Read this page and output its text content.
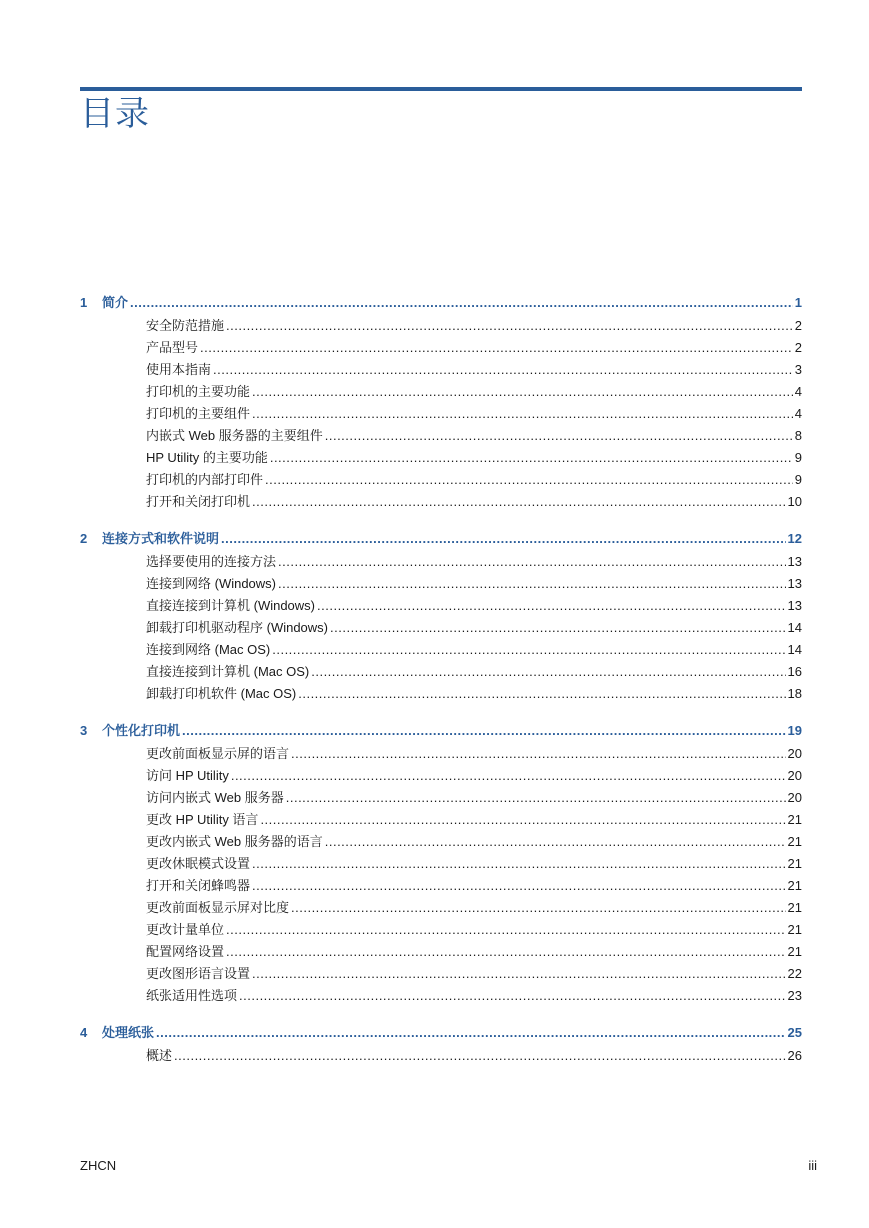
目录
1	简介 .....	1
安全防范措施 .....	2
产品型号 .....	2
使用本指南 .....	3
打印机的主要功能 .....	4
打印机的主要组件 .....	4
内嵌式 Web 服务器的主要组件 .....	8
HP Utility 的主要功能 .....	9
打印机的内部打印件 .....	9
打开和关闭打印机 .....	10
2	连接方式和软件说明 .....	12
选择要使用的连接方法 .....	13
连接到网络 (Windows) .....	13
直接连接到计算机 (Windows) .....	13
卸载打印机驱动程序 (Windows) .....	14
连接到网络 (Mac OS) .....	14
直接连接到计算机 (Mac OS) .....	16
卸载打印机软件 (Mac OS) .....	18
3	个性化打印机 .....	19
更改前面板显示屏的语言 .....	20
访问 HP Utility .....	20
访问内嵌式 Web 服务器 .....	20
更改 HP Utility 语言 .....	21
更改内嵌式 Web 服务器的语言 .....	21
更改休眠模式设置 .....	21
打开和关闭蜂鸣器 .....	21
更改前面板显示屏对比度 .....	21
更改计量单位 .....	21
配置网络设置 .....	21
更改图形语言设置 .....	22
纸张适用性选项 .....	23
4	处理纸张 .....	25
概述 .....	26
ZHCN	iii
